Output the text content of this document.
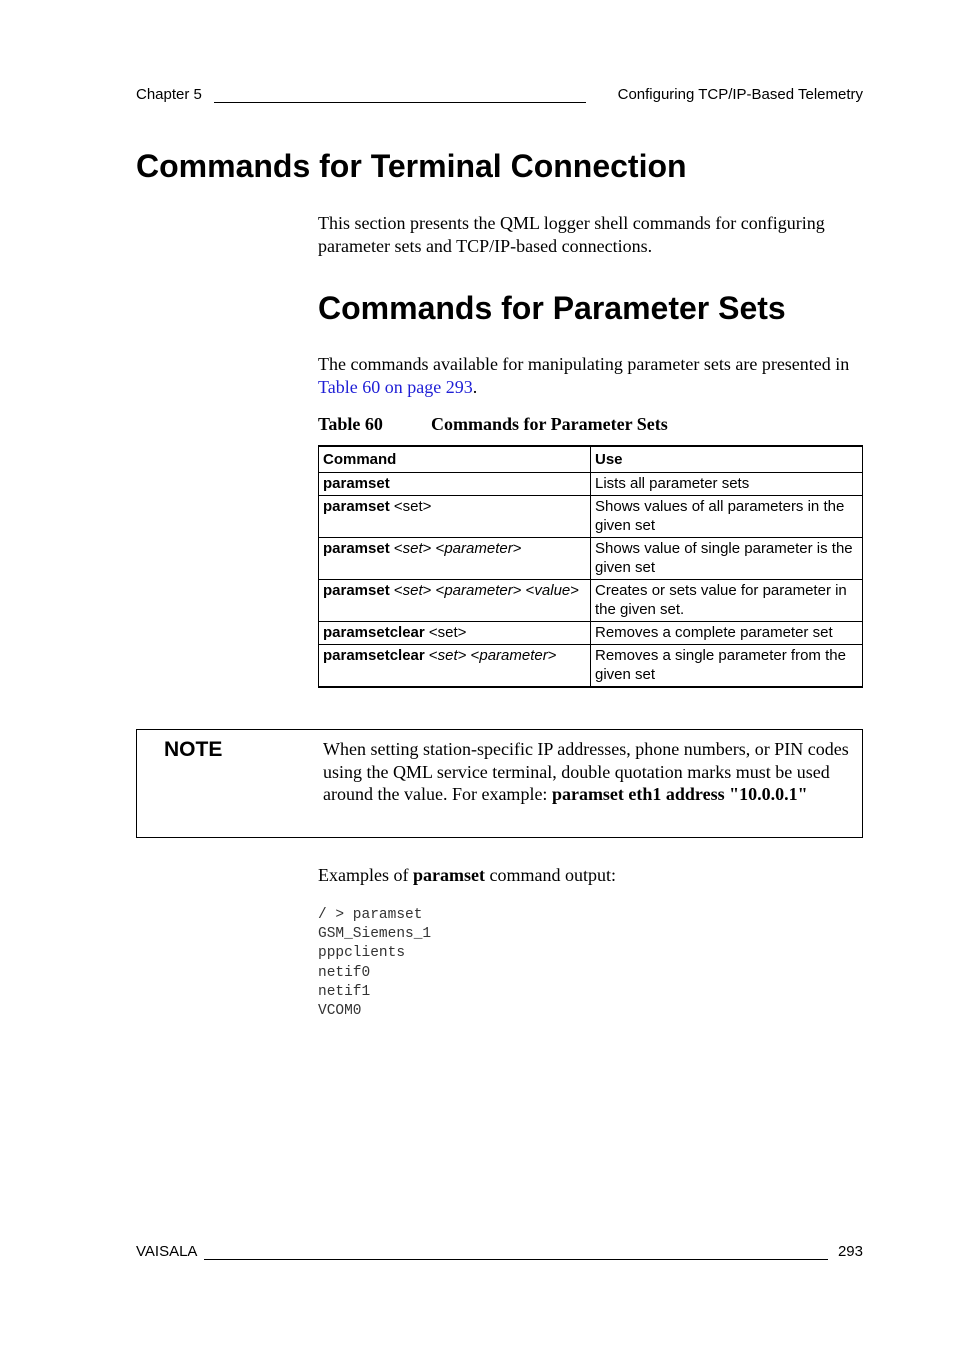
Chapter 5	Configuring TCP/IP-Based Telemetry
Commands for Terminal Connection

This section presents the QML logger shell commands for configuring parameter sets and TCP/IP-based connections.

Commands for Parameter Sets

The commands available for manipulating parameter sets are presented in Table 60 on page 293.

Table 60	Commands for Parameter Sets
Command	Use
paramset	Lists all parameter sets
paramset <set>	Shows values of all parameters in the given set
paramset <set> <parameter>	Shows value of single parameter is the given set
paramset <set> <parameter> <value>	Creates or sets value for parameter in the given set.
paramsetclear <set>	Removes a complete parameter set
paramsetclear <set> <parameter>	Removes a single parameter from the given set
NOTE	When setting station-specific IP addresses, phone numbers, or PIN codes using the QML service terminal, double quotation marks must be used around the value. For example: paramset eth1 address "10.0.0.1"

Examples of paramset command output:

/ > paramset
GSM_Siemens_1
pppclients
netif0
netif1
VCOM0
VAISALA	293
